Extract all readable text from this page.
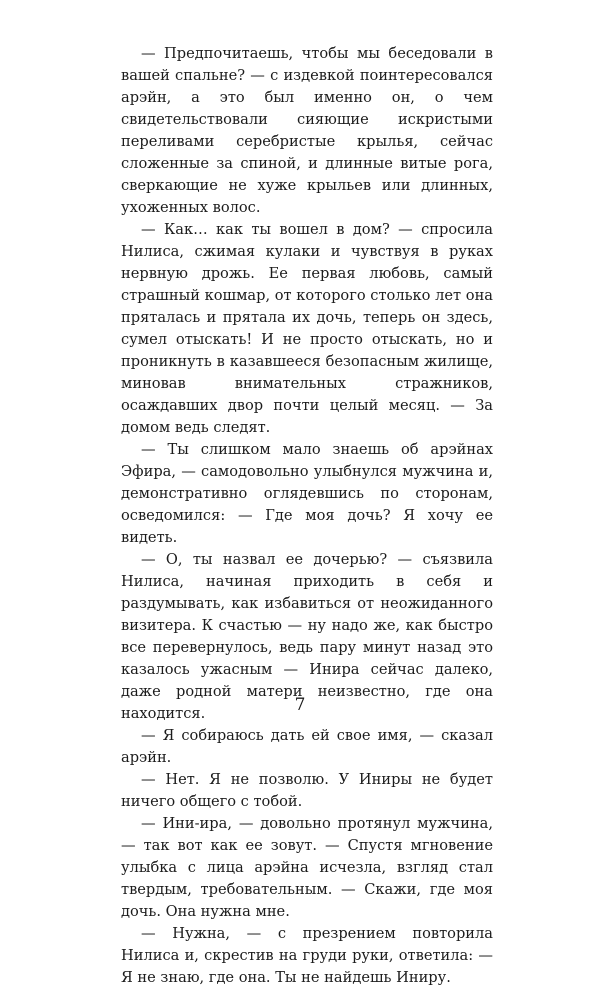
— Предпочитаешь, чтобы мы беседовали в вашей спальне? — с издевкой поинтересовался арэйн, а это был именно он, о чем свидетельствовали сияющие искристыми переливами серебристые крылья, сейчас сложенные за спиной, и длинные витые рога, сверкающие не хуже крыльев или длинных, ухоженных волос.

— Как… как ты вошел в дом? — спросила Нилиса, сжимая кулаки и чувствуя в руках нервную дрожь. Ее первая любовь, самый страшный кошмар, от которого столько лет она пряталась и прятала их дочь, теперь он здесь, сумел отыскать! И не просто отыскать, но и проникнуть в казавшееся безопасным жилище, миновав внимательных стражников, осаждавших двор почти целый месяц. — За домом ведь следят.

— Ты слишком мало знаешь об арэйнах Эфира, — самодовольно улыбнулся мужчина и, демонстративно оглядевшись по сторонам, осведомился: — Где моя дочь? Я хочу ее видеть.

— О, ты назвал ее дочерью? — съязвила Нилиса, начиная приходить в себя и раздумывать, как избавиться от неожиданного визитера. К счастью — ну надо же, как быстро все перевернулось, ведь пару минут назад это казалось ужасным — Инира сейчас далеко, даже родной матери неизвестно, где она находится.

— Я собираюсь дать ей свое имя, — сказал арэйн.

— Нет. Я не позволю. У Иниры не будет ничего общего с тобой.

— Ини-ира, — довольно протянул мужчина, — так вот как ее зовут. — Спустя мгновение улыбка с лица арэйна исчезла, взгляд стал твердым, требовательным. — Скажи, где моя дочь. Она нужна мне.

— Нужна, — с презрением повторила Нилиса и, скрестив на груди руки, ответила: — Я не знаю, где она. Ты не найдешь Иниру.

7
